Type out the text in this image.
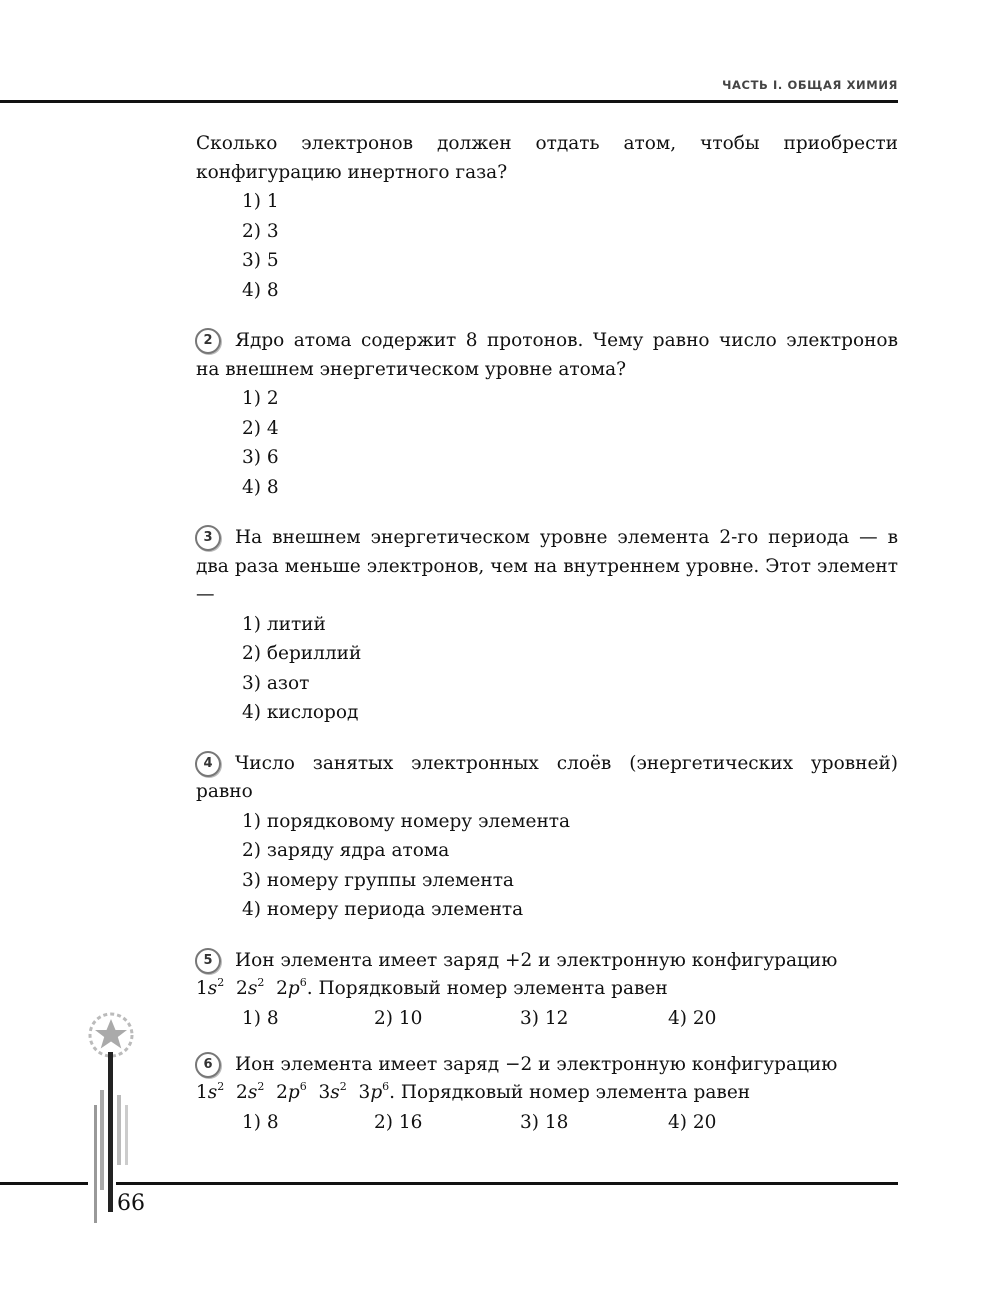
ЧАСТЬ I. ОБЩАЯ ХИМИЯ

Сколько электронов должен отдать атом, чтобы приобрести конфигурацию инертного газа?

1) 1
2) 3
3) 5
4) 8

2 Ядро атома содержит 8 протонов. Чему равно число электронов на внешнем энергетическом уровне атома?

1) 2
2) 4
3) 6
4) 8

3 На внешнем энергетическом уровне элемента 2-го периода — в два раза меньше электронов, чем на внутреннем уровне. Этот элемент —

1) литий
2) бериллий
3) азот
4) кислород

4 Число занятых электронных слоёв (энергетических уровней) равно

1) порядковому номеру элемента
2) заряду ядра атома
3) номеру группы элемента
4) номеру периода элемента

5 Ион элемента имеет заряд +2 и электронную конфигурацию
$1s^2$  $2s^2$  $2p^6$. Порядковый номер элемента равен

1) 8	2) 10	3) 12	4) 20

6 Ион элемента имеет заряд −2 и электронную конфигурацию
$1s^2$  $2s^2$  $2p^6$  $3s^2$  $3p^6$. Порядковый номер элемента равен

1) 8	2) 16	3) 18	4) 20
66
